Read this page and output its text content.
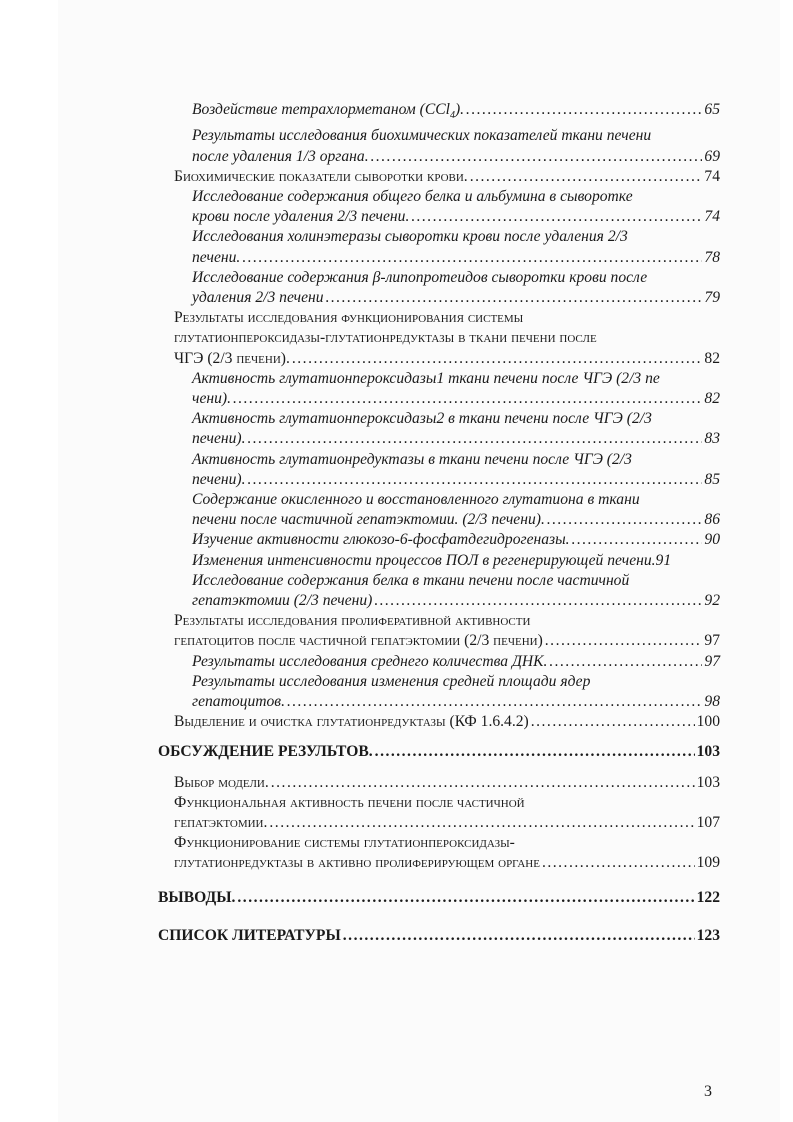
Воздействие тетрахлорметаном (CCl$_4$). . . .	65
Результаты исследования биохимических показателей ткани печени
после удаления 1/3 органа. . . .	69
Биохимические показатели сыворотки крови. . . .	74
Исследование содержания общего белка и альбумина в сыворотке
крови после удаления 2/3 печени. . . .	74
Исследования холинэтеразы сыворотки крови после удаления 2/3
печени. . . .	78
Исследование содержания β-липопротеидов сыворотки крови после
удаления 2/3 печени . . .	79
Результаты исследования функционирования системы
глутатионпероксидазы-глутатионредуктазы в ткани печени после
ЧГЭ (2/3 печени). . . .	82
Активность глутатионпероксидазы1 ткани печени после ЧГЭ (2/3 пе
чени). . . .	82
Активность глутатионпероксидазы2 в ткани печени после ЧГЭ (2/3
печени). . . .	83
Активность глутатионредуктазы в ткани печени после ЧГЭ (2/3
печени). . . .	85
Содержание окисленного и восстановленного глутатиона в ткани
печени после частичной гепатэктомии. (2/3 печени). . . .	86
Изучение активности глюкозо-6-фосфатдегидрогеназы. . . .	90
Изменения интенсивности процессов ПОЛ в регенерирующей печени.91
Исследование содержания белка в ткани печени после частичной
гепатэктомии (2/3 печени) . . .	92
Результаты исследования пролиферативной активности
гепатоцитов после частичной гепатэктомии (2/3 печени) . . .	97
Результаты исследования среднего количества ДНК. . . .	97
Результаты исследования изменения средней площади ядер
гепатоцитов. . . .	98
Выделение и очистка глутатионредуктазы (КФ 1.6.4.2) . . .	100
ОБСУЖДЕНИЕ РЕЗУЛЬТОВ. . . .	103
Выбор модели. . . .	103
Функциональная активность печени после частичной
гепатэктомии. . . .	107
Функционирование системы глутатионпероксидазы-
глутатионредуктазы в активно пролиферирующем органе . . .	109
ВЫВОДЫ. . . .	122
СПИСОК ЛИТЕРАТУРЫ . . .	123
3
